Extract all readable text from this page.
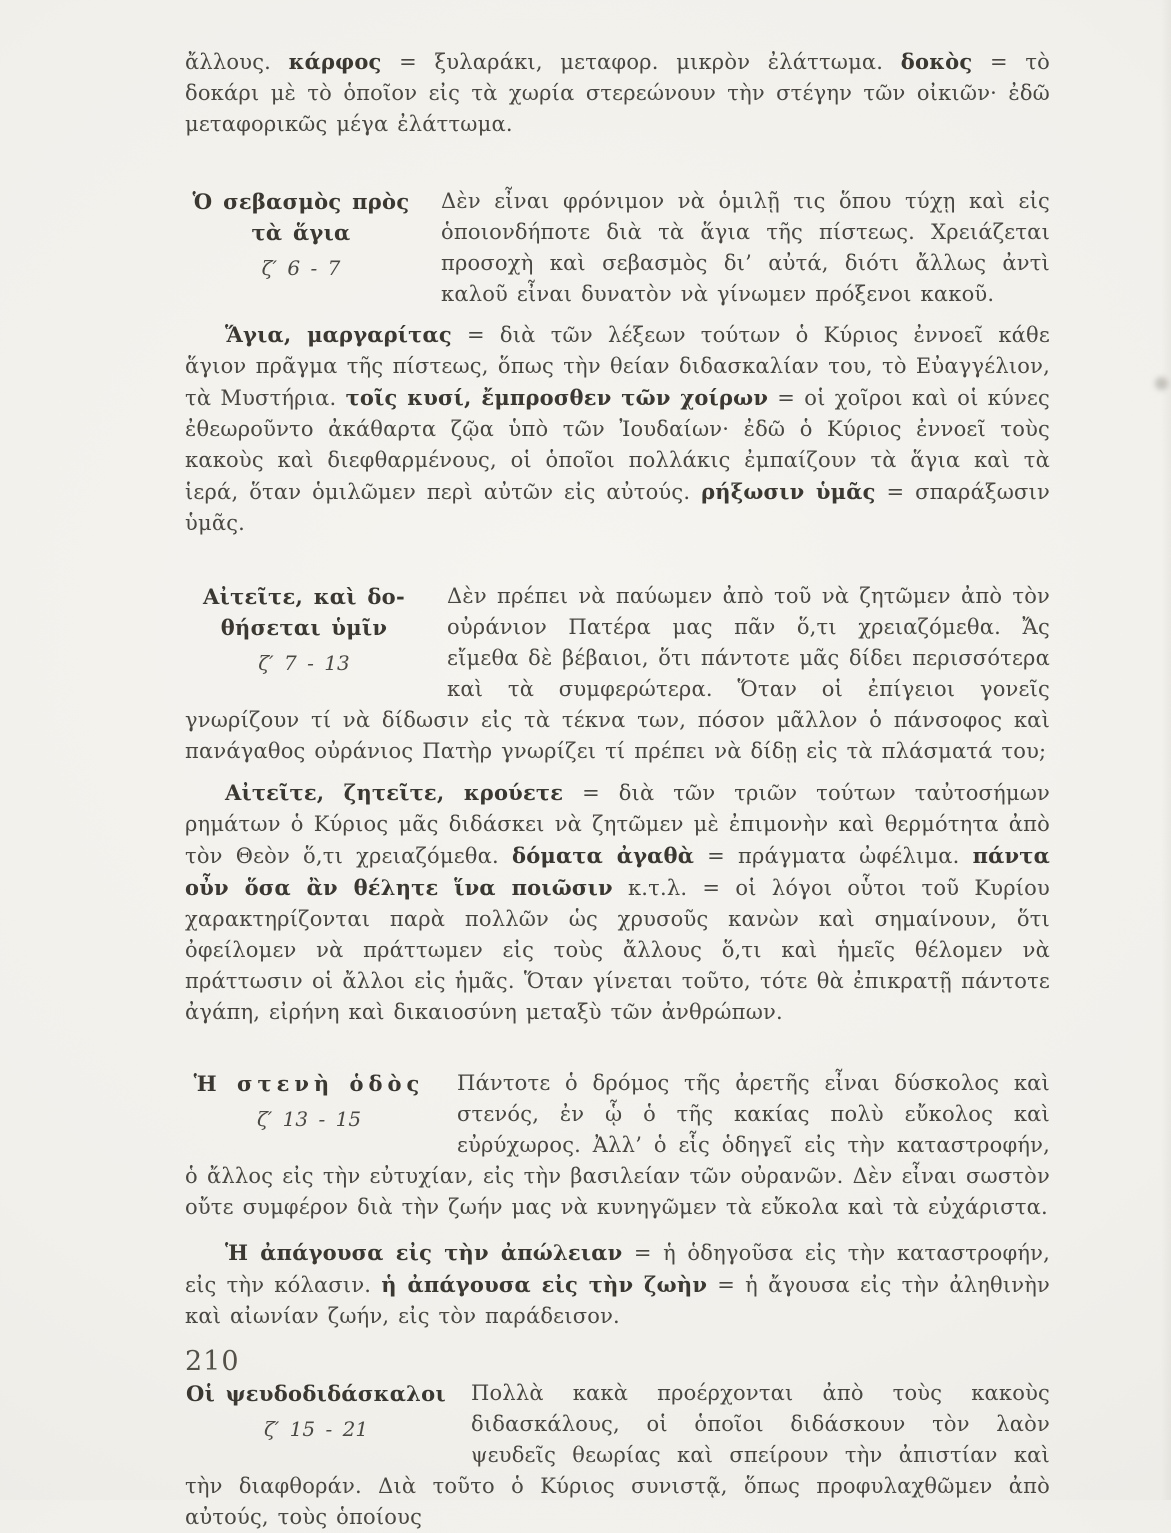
ἄλλους. κάρφος = ξυλαράκι, μεταφορ. μικρὸν ἐλάττωμα. δοκὸς = τὸ δοκάρι μὲ τὸ ὁποῖον εἰς τὰ χωρία στερεώνουν τὴν στέγην τῶν οἰκιῶν· ἐδῶ μεταφορικῶς μέγα ἐλάττωμα.

Ὁ σεβασμὸς πρὸς
τὰ ἅγια
ζ′ 6 - 7

Δὲν εἶναι φρόνιμον νὰ ὁμιλῇ τις ὅπου τύχῃ καὶ εἰς ὁποιονδήποτε διὰ τὰ ἅγια τῆς πίστεως. Χρειάζεται προσοχὴ καὶ σεβασμὸς δι’ αὐτά, διότι ἄλλως ἀντὶ καλοῦ εἶναι δυνατὸν νὰ γίνωμεν πρόξενοι κακοῦ.

Ἅγια, μαργαρίτας = διὰ τῶν λέξεων τούτων ὁ Κύριος ἐννοεῖ κάθε ἅγιον πρᾶγμα τῆς πίστεως, ὅπως τὴν θείαν διδασκαλίαν του, τὸ Εὐαγγέλιον, τὰ Μυστήρια. τοῖς κυσί, ἔμπροσθεν τῶν χοίρων = οἱ χοῖροι καὶ οἱ κύνες ἐθεωροῦντο ἀκάθαρτα ζῷα ὑπὸ τῶν Ἰουδαίων· ἐδῶ ὁ Κύριος ἐννοεῖ τοὺς κακοὺς καὶ διεφθαρμένους, οἱ ὁποῖοι πολλάκις ἐμπαίζουν τὰ ἅγια καὶ τὰ ἱερά, ὅταν ὁμιλῶμεν περὶ αὐτῶν εἰς αὐτούς. ρήξωσιν ὑμᾶς = σπαράξωσιν ὑμᾶς.

Αἰτεῖτε, καὶ δο-
θήσεται ὑμῖν
ζ′ 7 - 13

Δὲν πρέπει νὰ παύωμεν ἀπὸ τοῦ νὰ ζητῶμεν ἀπὸ τὸν οὐράνιον Πατέρα μας πᾶν ὅ,τι χρειαζόμεθα. Ἄς εἴμεθα δὲ βέβαιοι, ὅτι πάντοτε μᾶς δίδει περισσότερα καὶ τὰ συμφερώτερα. Ὅταν οἱ ἐπίγειοι γονεῖς γνωρίζουν τί νὰ δίδωσιν εἰς τὰ τέκνα των, πόσον μᾶλλον ὁ πάνσοφος καὶ πανάγαθος οὐράνιος Πατὴρ γνωρίζει τί πρέπει νὰ δίδῃ εἰς τὰ πλάσματά του;

Αἰτεῖτε, ζητεῖτε, κρούετε = διὰ τῶν τριῶν τούτων ταὐτοσήμων ρημάτων ὁ Κύριος μᾶς διδάσκει νὰ ζητῶμεν μὲ ἐπιμονὴν καὶ θερμότητα ἀπὸ τὸν Θεὸν ὅ,τι χρειαζόμεθα. δόματα ἀγαθὰ = πράγματα ὠφέλιμα. πάντα οὖν ὅσα ἂν θέλητε ἵνα ποιῶσιν κ.τ.λ. = οἱ λόγοι οὗτοι τοῦ Κυρίου χαρακτηρίζονται παρὰ πολλῶν ὡς χρυσοῦς κανὼν καὶ σημαίνουν, ὅτι ὀφείλομεν νὰ πράττωμεν εἰς τοὺς ἄλλους ὅ,τι καὶ ἡμεῖς θέλομεν νὰ πράττωσιν οἱ ἄλλοι εἰς ἡμᾶς. Ὅταν γίνεται τοῦτο, τότε θὰ ἐπικρατῇ πάντοτε ἀγάπη, εἰρήνη καὶ δικαιοσύνη μεταξὺ τῶν ἀνθρώπων.

Ἡ στενὴ ὁδὸς
ζ′ 13 - 15

Πάντοτε ὁ δρόμος τῆς ἀρετῆς εἶναι δύσκολος καὶ στενός, ἐν ᾧ ὁ τῆς κακίας πολὺ εὔκολος καὶ εὐρύχωρος. Ἀλλ’ ὁ εἷς ὁδηγεῖ εἰς τὴν καταστροφήν, ὁ ἄλλος εἰς τὴν εὐτυχίαν, εἰς τὴν βασιλείαν τῶν οὐρανῶν. Δὲν εἶναι σωστὸν οὔτε συμφέρον διὰ τὴν ζωήν μας νὰ κυνηγῶμεν τὰ εὔκολα καὶ τὰ εὐχάριστα.

Ἡ ἀπάγουσα εἰς τὴν ἀπώλειαν = ἡ ὁδηγοῦσα εἰς τὴν καταστροφήν, εἰς τὴν κόλασιν. ἡ ἀπάγουσα εἰς τὴν ζωὴν = ἡ ἄγουσα εἰς τὴν ἀληθινὴν καὶ αἰωνίαν ζωήν, εἰς τὸν παράδεισον.

Οἱ ψευδοδιδάσκαλοι
ζ′ 15 - 21

Πολλὰ κακὰ προέρχονται ἀπὸ τοὺς κακοὺς διδασκάλους, οἱ ὁποῖοι διδάσκουν τὸν λαὸν ψευδεῖς θεωρίας καὶ σπείρουν τὴν ἀπιστίαν καὶ τὴν διαφθοράν. Διὰ τοῦτο ὁ Κύριος συνιστᾷ, ὅπως προφυλαχθῶμεν ἀπὸ αὐτούς, τοὺς ὁποίους

210
